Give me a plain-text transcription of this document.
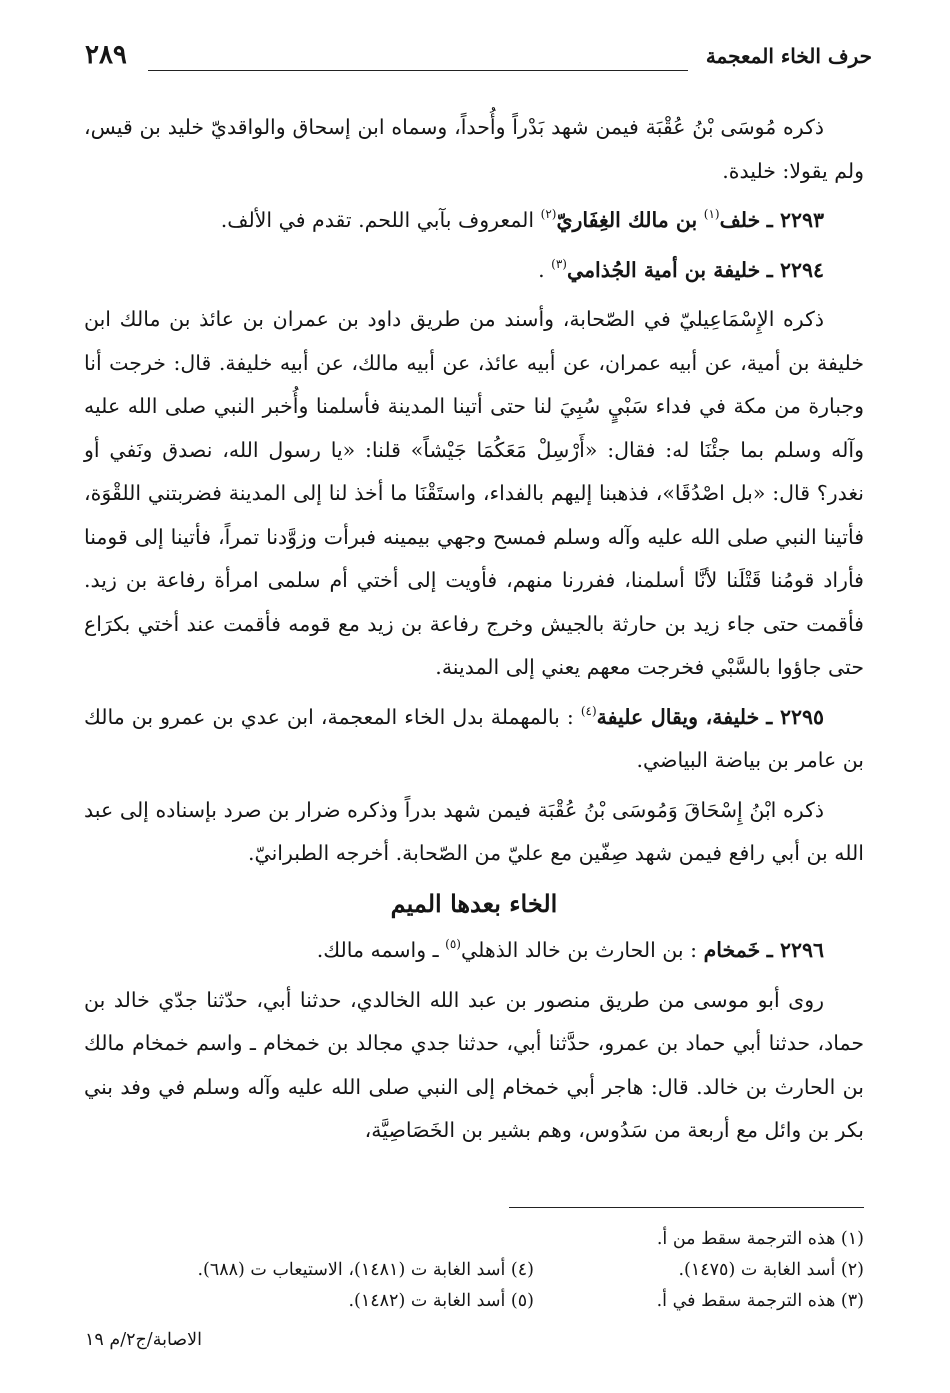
حرف الخاء المعجمة
٢٨٩

ذكره مُوسَى بْنُ عُقْبَة فيمن شهد بَدْراً وأُحداً، وسماه ابن إسحاق والواقديّ خليد بن قيس، ولم يقولا: خليدة.

٢٢٩٣ ـ خلف$^{(١)}$ بن مالك الغِفَاريّ$^{(٢)}$ المعروف بآبي اللحم. تقدم في الألف.

٢٢٩٤ ـ خليفة بن أمية الجُذامي$^{(٣)}$ .

ذكره الإِسْمَاعِيليّ في الصّحابة، وأسند من طريق داود بن عمران بن عائذ بن مالك ابن خليفة بن أمية، عن أبيه عمران، عن أبيه عائذ، عن أبيه مالك، عن أبيه خليفة. قال: خرجت أنا وجبارة من مكة في فداء سَبْيٍ سُبِيَ لنا حتى أتينا المدينة فأسلمنا وأُخبر النبي صلى الله عليه وآله وسلم بما جئْنَا له: فقال: «أَرْسِلْ مَعَكُمَا جَيْشاً» قلنا: «يا رسول الله، نصدق ونَفي أو نغدر؟ قال: «بل اصْدُقَا»، فذهبنا إليهم بالفداء، واستَقْنَا ما أخذ لنا إلى المدينة فضربتني اللقْوَة، فأتينا النبي صلى الله عليه وآله وسلم فمسح وجهي بيمينه فبرأت وزوَّدنا تمراً، فأتينا إلى قومنا فأراد قومُنا قَتْلَنا لأنَّا أسلمنا، ففررنا منهم، فأويت إلى أختي أم سلمى امرأة رفاعة بن زيد. فأقمت حتى جاء زيد بن حارثة بالجيش وخرج رفاعة بن زيد مع قومه فأقمت عند أختي بكرَاع حتى جاؤوا بالسَّبْي فخرجت معهم يعني إلى المدينة.

٢٢٩٥ ـ خليفة، ويقال عليفة$^{(٤)}$ : بالمهملة بدل الخاء المعجمة، ابن عدي بن عمرو بن مالك بن عامر بن بياضة البياضي.

ذكره ابْنُ إِسْحَاقَ وَمُوسَى بْنُ عُقْبَة فيمن شهد بدراً وذكره ضرار بن صرد بإسناده إلى عبد الله بن أبي رافع فيمن شهد صِفّين مع عليّ من الصّحابة. أخرجه الطبرانيّ.

الخاء بعدها الميم

٢٢٩٦ ـ خَمخام : بن الحارث بن خالد الذهلي$^{(٥)}$ ـ واسمه مالك.

روى أبو موسى من طريق منصور بن عبد الله الخالدي، حدثنا أبي، حدّثنا جدّي خالد بن حماد، حدثنا أبي حماد بن عمرو، حدَّثنا أبي، حدثنا جدي مجالد بن خمخام ـ واسم خمخام مالك بن الحارث بن خالد. قال: هاجر أبي خمخام إلى النبي صلى الله عليه وآله وسلم في وفد بني بكر بن وائل مع أربعة من سَدُوس، وهم بشير بن الخَصَاصِيَّة،

(١) هذه الترجمة سقط من أ.
(٢) أسد الغابة ت (١٤٧٥).
(٣) هذه الترجمة سقط في أ.
(٤) أسد الغابة ت (١٤٨١)، الاستيعاب ت (٦٨٨).
(٥) أسد الغابة ت (١٤٨٢).
الاصابة/ج٢/م ١٩
